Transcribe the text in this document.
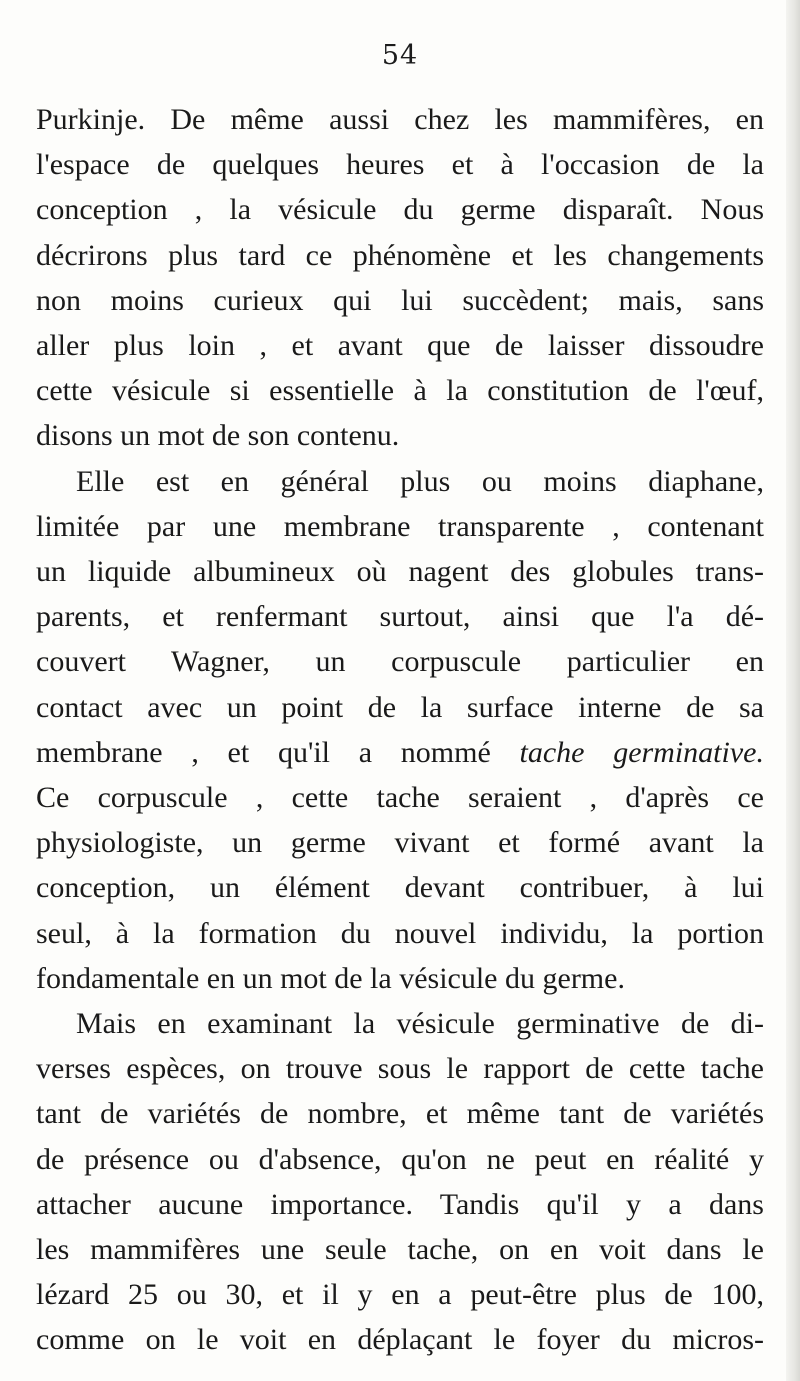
54
Purkinje. De même aussi chez les mammifères, en
l'espace de quelques heures et à l'occasion de la
conception , la vésicule du germe disparaît. Nous
décrirons plus tard ce phénomène et les changements
non moins curieux qui lui succèdent; mais, sans
aller plus loin , et avant que de laisser dissoudre
cette vésicule si essentielle à la constitution de l'œuf,
disons un mot de son contenu.
Elle est en général plus ou moins diaphane,
limitée par une membrane transparente , contenant
un liquide albumineux où nagent des globules trans-
parents, et renfermant surtout, ainsi que l'a dé-
couvert Wagner, un corpuscule particulier en
contact avec un point de la surface interne de sa
membrane , et qu'il a nommé tache germinative.
Ce corpuscule , cette tache seraient , d'après ce
physiologiste, un germe vivant et formé avant la
conception, un élément devant contribuer, à lui
seul, à la formation du nouvel individu, la portion
fondamentale en un mot de la vésicule du germe.
Mais en examinant la vésicule germinative de di-
verses espèces, on trouve sous le rapport de cette tache
tant de variétés de nombre, et même tant de variétés
de présence ou d'absence, qu'on ne peut en réalité y
attacher aucune importance. Tandis qu'il y a dans
les mammifères une seule tache, on en voit dans le
lézard 25 ou 30, et il y en a peut-être plus de 100,
comme on le voit en déplaçant le foyer du micros-
